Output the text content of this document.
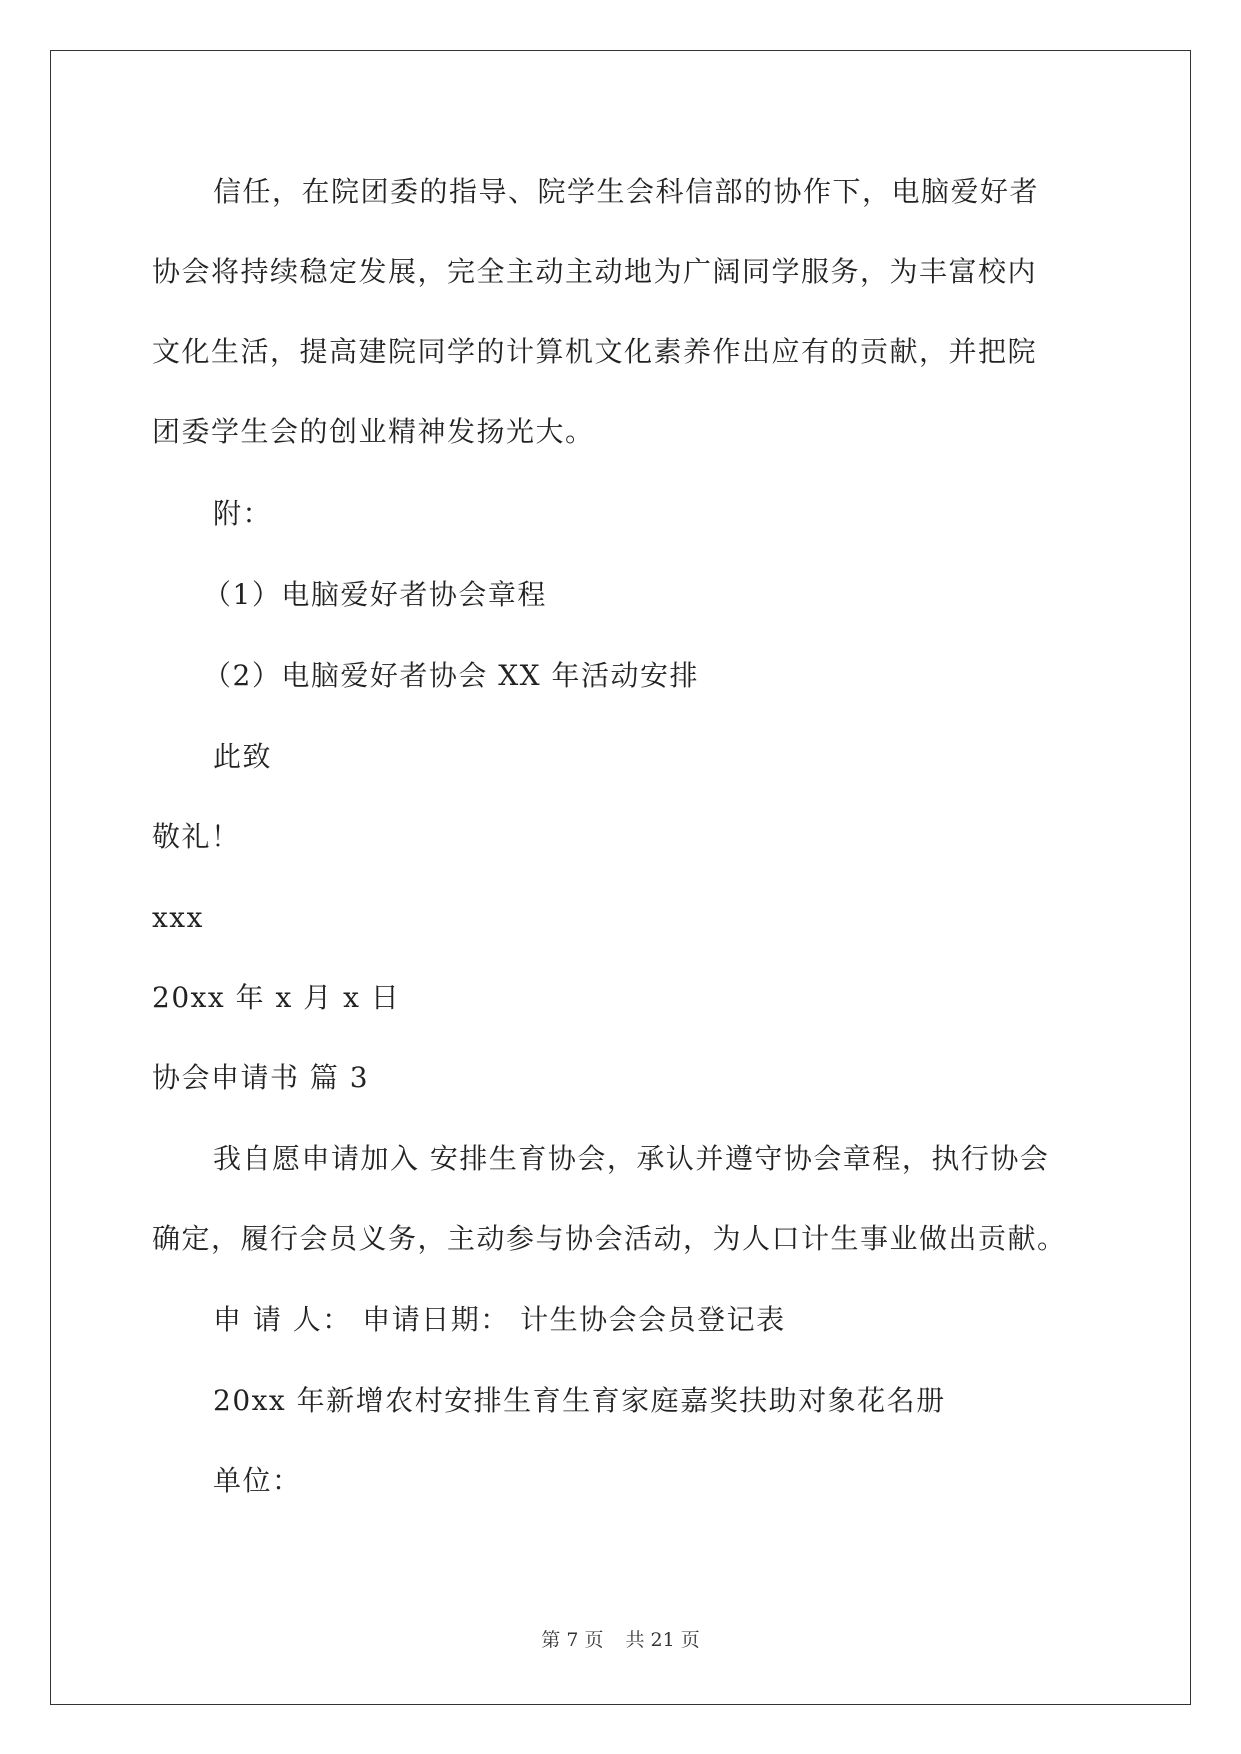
信任，在院团委的指导、院学生会科信部的协作下，电脑爱好者
协会将持续稳定发展，完全主动主动地为广阔同学服务，为丰富校内
文化生活，提高建院同学的计算机文化素养作出应有的贡献，并把院
团委学生会的创业精神发扬光大。
附：
（1）电脑爱好者协会章程
（2）电脑爱好者协会 XX 年活动安排
此致
敬礼！
xxx
20xx 年 x 月 x 日
协会申请书 篇 3
我自愿申请加入 安排生育协会，承认并遵守协会章程，执行协会
确定，履行会员义务，主动参与协会活动，为人口计生事业做出贡献。
申 请 人： 申请日期： 计生协会会员登记表
20xx 年新增农村安排生育生育家庭嘉奖扶助对象花名册
单位：
第 7 页 共 21 页
